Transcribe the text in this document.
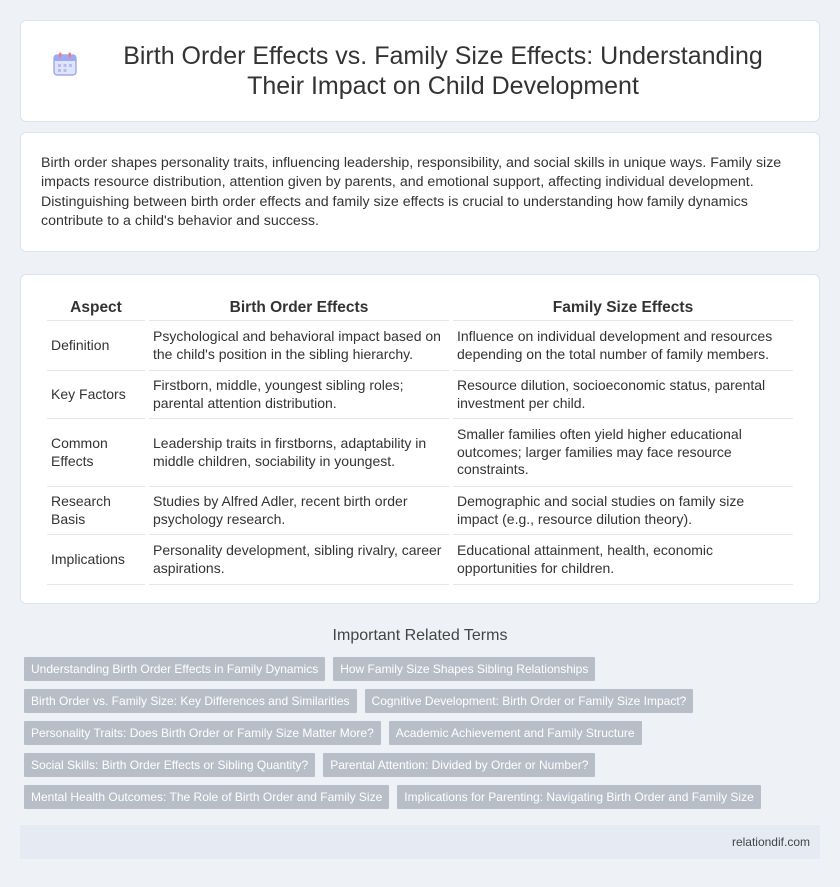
Birth Order Effects vs. Family Size Effects: Understanding Their Impact on Child Development

Birth order shapes personality traits, influencing leadership, responsibility, and social skills in unique ways. Family size impacts resource distribution, attention given by parents, and emotional support, affecting individual development. Distinguishing between birth order effects and family size effects is crucial to understanding how family dynamics contribute to a child's behavior and success.

Aspect	Birth Order Effects	Family Size Effects
Definition	Psychological and behavioral impact based on the child's position in the sibling hierarchy.	Influence on individual development and resources depending on the total number of family members.
Key Factors	Firstborn, middle, youngest sibling roles; parental attention distribution.	Resource dilution, socioeconomic status, parental investment per child.
Common Effects	Leadership traits in firstborns, adaptability in middle children, sociability in youngest.	Smaller families often yield higher educational outcomes; larger families may face resource constraints.
Research Basis	Studies by Alfred Adler, recent birth order psychology research.	Demographic and social studies on family size impact (e.g., resource dilution theory).
Implications	Personality development, sibling rivalry, career aspirations.	Educational attainment, health, economic opportunities for children.
Important Related Terms
Understanding Birth Order Effects in Family Dynamics	How Family Size Shapes Sibling Relationships
Birth Order vs. Family Size: Key Differences and Similarities	Cognitive Development: Birth Order or Family Size Impact?
Personality Traits: Does Birth Order or Family Size Matter More?	Academic Achievement and Family Structure
Social Skills: Birth Order Effects or Sibling Quantity?	Parental Attention: Divided by Order or Number?
Mental Health Outcomes: The Role of Birth Order and Family Size	Implications for Parenting: Navigating Birth Order and Family Size
relationdif.com
